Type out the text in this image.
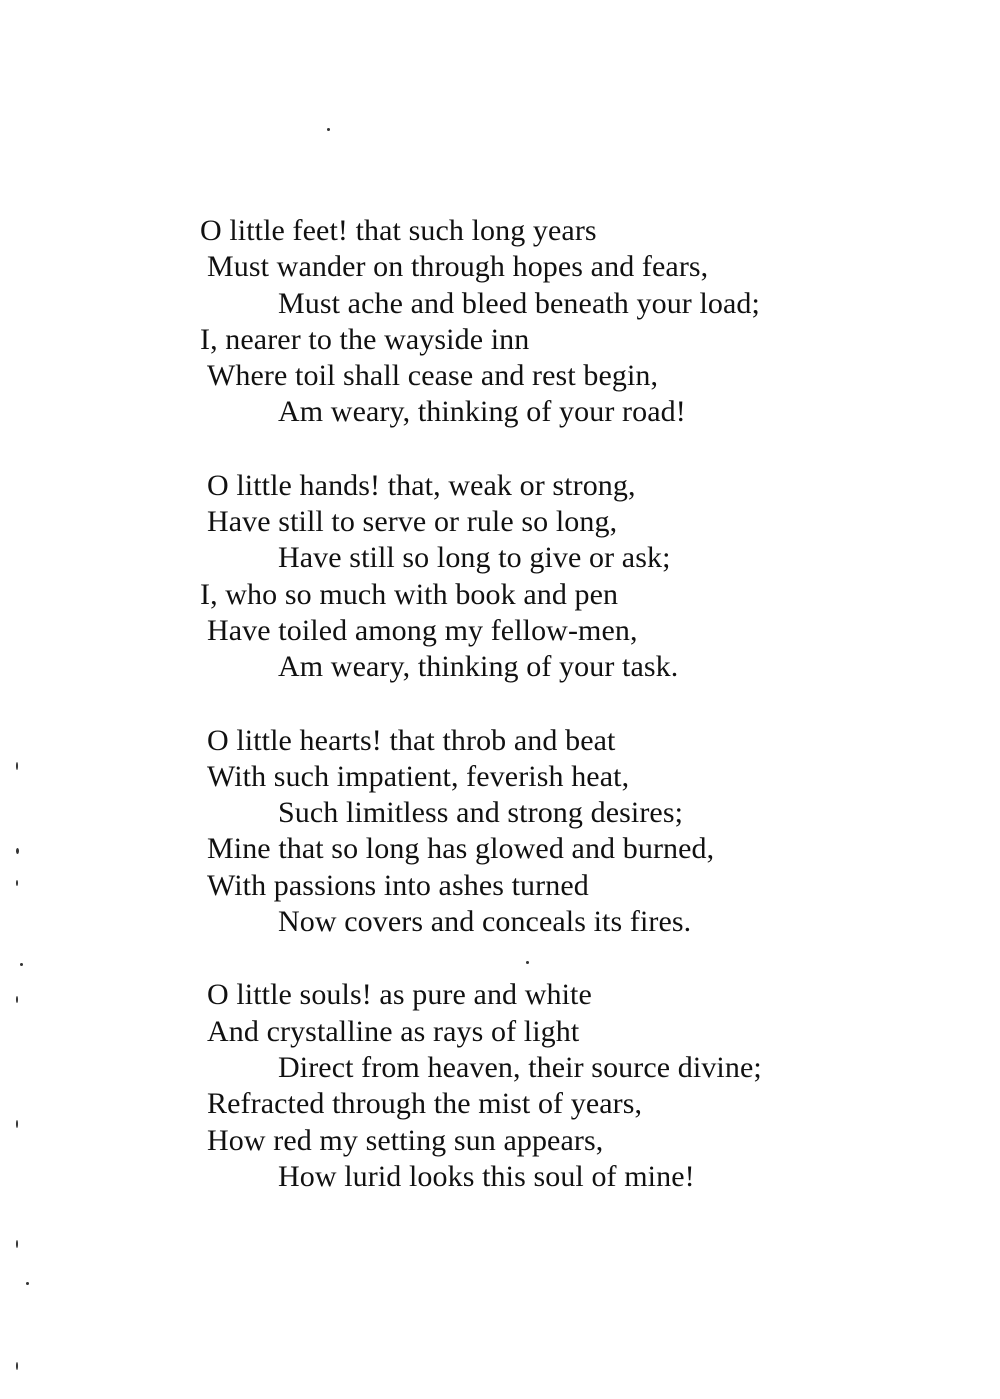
O little feet! that such long years
Must wander on through hopes and fears,
Must ache and bleed beneath your load;
I, nearer to the wayside inn
Where toil shall cease and rest begin,
Am weary, thinking of your road!
O little hands! that, weak or strong,
Have still to serve or rule so long,
Have still so long to give or ask;
I, who so much with book and pen
Have toiled among my fellow-men,
Am weary, thinking of your task.
O little hearts! that throb and beat
With such impatient, feverish heat,
Such limitless and strong desires;
Mine that so long has glowed and burned,
With passions into ashes turned
Now covers and conceals its fires.
O little souls! as pure and white
And crystalline as rays of light
Direct from heaven, their source divine;
Refracted through the mist of years,
How red my setting sun appears,
How lurid looks this soul of mine!
